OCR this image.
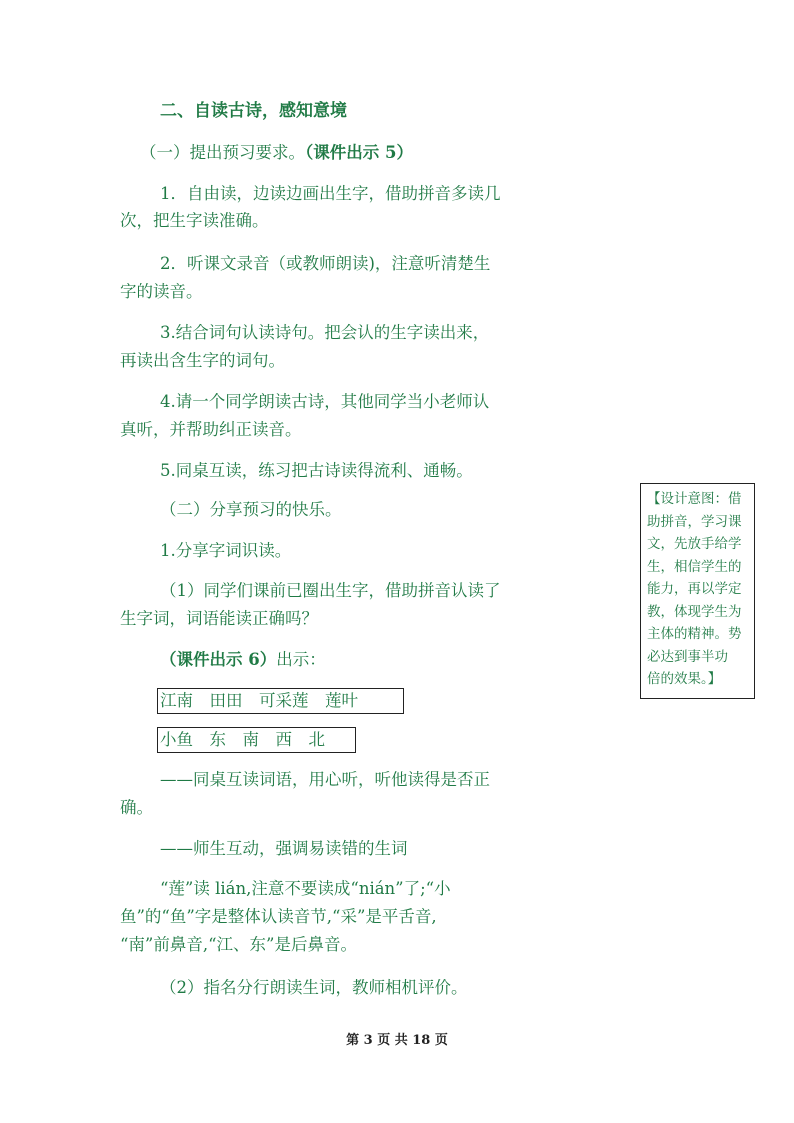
二、自读古诗，感知意境
（一）提出预习要求。（课件出示 5）
1．自由读，边读边画出生字，借助拼音多读几
次，把生字读准确。
2．听课文录音（或教师朗读)，注意听清楚生
字的读音。
3.结合词句认读诗句。把会认的生字读出来，
再读出含生字的词句。
4.请一个同学朗读古诗，其他同学当小老师认
真听，并帮助纠正读音。
5.同桌互读，练习把古诗读得流利、通畅。
（二）分享预习的快乐。
1.分享字词识读。
（1）同学们课前已圈出生字，借助拼音认读了
生字词，词语能读正确吗？
（课件出示 6）出示：
江南　田田　可采莲　莲叶
小鱼　东　南　西　北
——同桌互读词语，用心听，听他读得是否正
确。
——师生互动，强调易读错的生词
“莲”读 lián,注意不要读成“nián”了;“小
鱼”的“鱼”字是整体认读音节,“采”是平舌音,
“南”前鼻音,“江、东”是后鼻音。
（2）指名分行朗读生词，教师相机评价。
【设计意图：借
助拼音，学习课
文，先放手给学
生，相信学生的
能力，再以学定
教，体现学生为
主体的精神。势
必达到事半功
倍的效果。】
第 3 页 共 18 页
